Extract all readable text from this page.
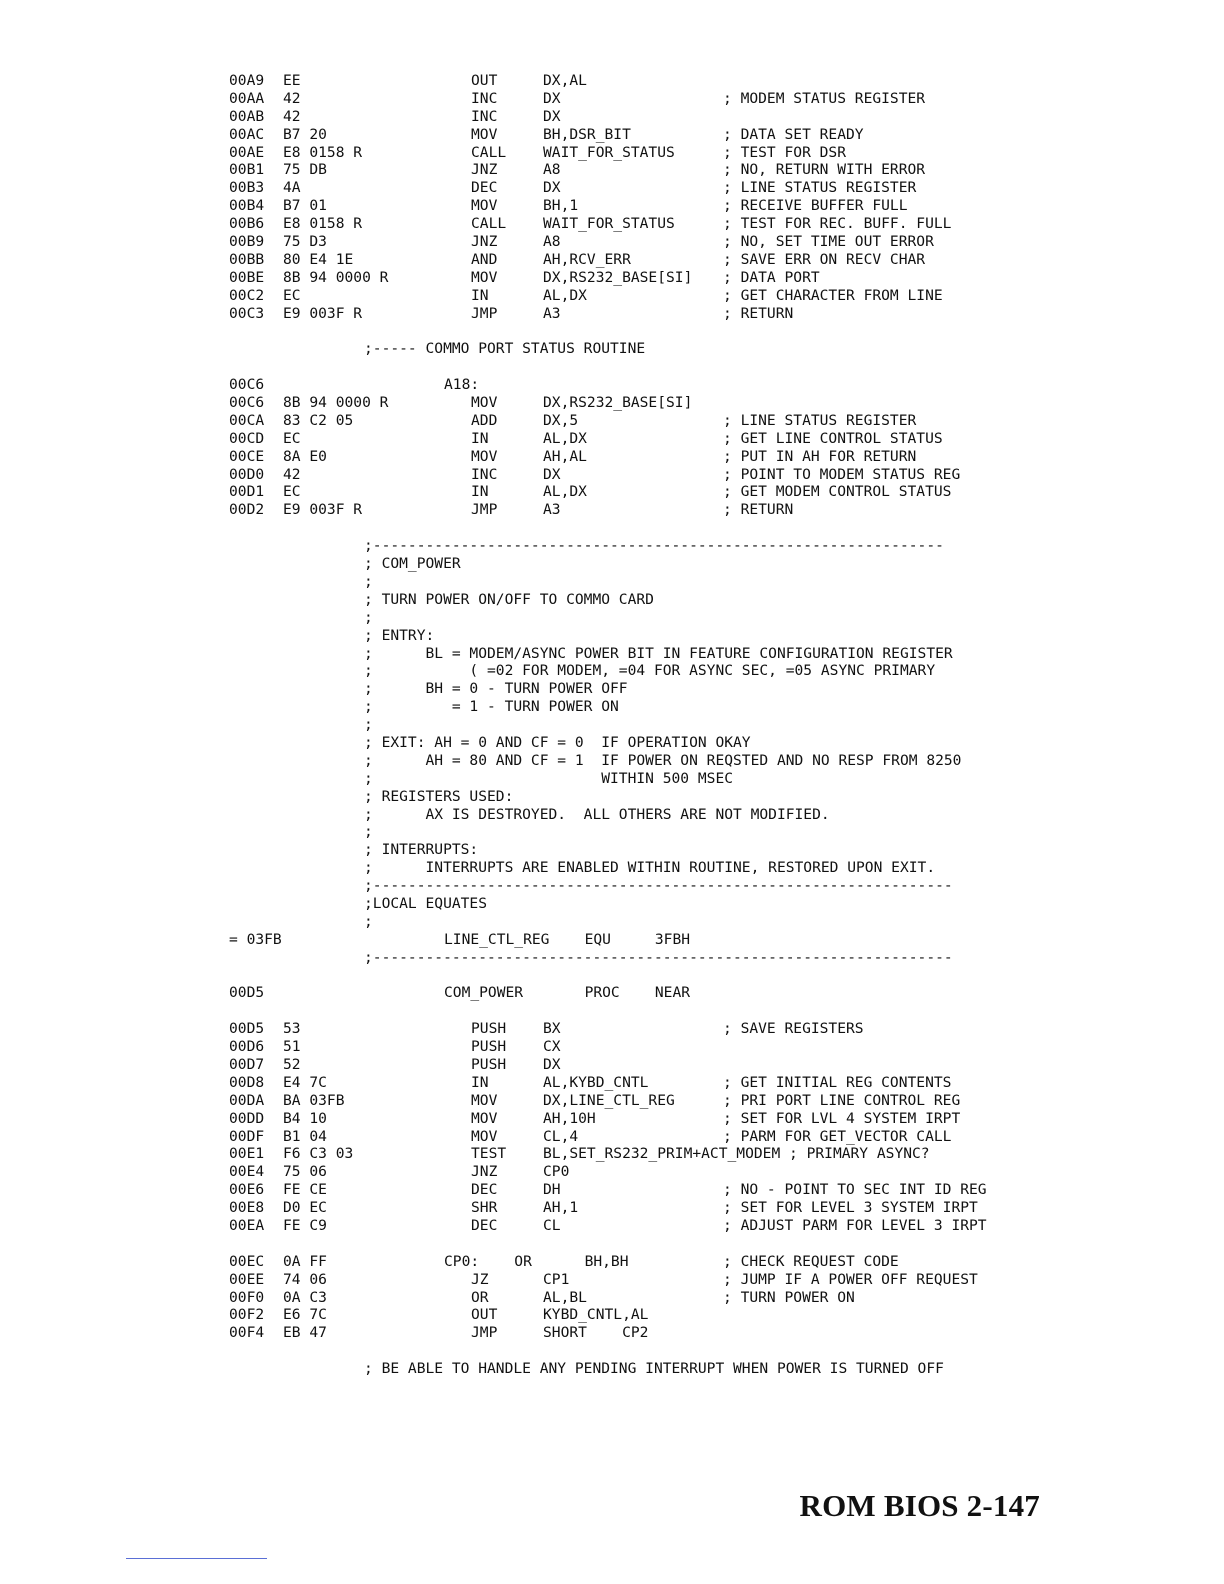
00A9 EE	OUT	DX,AL
00AA 42	INC	DX	; MODEM STATUS REGISTER
00AB 42	INC	DX
00AC B7 20	MOV	BH,DSR_BIT	; DATA SET READY
00AE E8 0158 R	CALL	WAIT_FOR_STATUS	; TEST FOR DSR
00B1 75 DB	JNZ	A8	; NO, RETURN WITH ERROR
00B3 4A	DEC	DX	; LINE STATUS REGISTER
00B4 B7 01	MOV	BH,1	; RECEIVE BUFFER FULL
00B6 E8 0158 R	CALL	WAIT_FOR_STATUS	; TEST FOR REC. BUFF. FULL
00B9 75 D3	JNZ	A8	; NO, SET TIME OUT ERROR
00BB 80 E4 1E	AND	AH,RCV_ERR	; SAVE ERR ON RECV CHAR
00BE 8B 94 0000 R	MOV	DX,RS232_BASE[SI] ; DATA PORT
00C2 EC	IN	AL,DX	; GET CHARACTER FROM LINE
00C3 E9 003F R	JMP	A3	; RETURN
;----- COMMO PORT STATUS ROUTINE
00C6	A18:
00C6 8B 94 0000 R	MOV	DX,RS232_BASE[SI]
00CA 83 C2 05	ADD	DX,5	; LINE STATUS REGISTER
00CD EC	IN	AL,DX	; GET LINE CONTROL STATUS
00CE 8A E0	MOV	AH,AL	; PUT IN AH FOR RETURN
00D0 42	INC	DX	; POINT TO MODEM STATUS REG
00D1 EC	IN	AL,DX	; GET MODEM CONTROL STATUS
00D2 E9 003F R	JMP	A3	; RETURN
;-----------------------------------------------------------------
; COM_POWER
;
; TURN POWER ON/OFF TO COMMO CARD
;
; ENTRY:
;      BL = MODEM/ASYNC POWER BIT IN FEATURE CONFIGURATION REGISTER
;           ( =02 FOR MODEM, =04 FOR ASYNC SEC, =05 ASYNC PRIMARY
;      BH = 0 - TURN POWER OFF
;         = 1 - TURN POWER ON
;
; EXIT: AH = 0 AND CF = 0  IF OPERATION OKAY
;      AH = 80 AND CF = 1  IF POWER ON REQSTED AND NO RESP FROM 8250
;                          WITHIN 500 MSEC
; REGISTERS USED:
;      AX IS DESTROYED.  ALL OTHERS ARE NOT MODIFIED.
;
; INTERRUPTS:
;      INTERRUPTS ARE ENABLED WITHIN ROUTINE, RESTORED UPON EXIT.
;------------------------------------------------------------------
;LOCAL EQUATES
;
= 03FB	LINE_CTL_REG    EQU     3FBH
;------------------------------------------------------------------
00D5	COM_POWER       PROC    NEAR
00D5 53	PUSH	BX	; SAVE REGISTERS
00D6 51	PUSH	CX
00D7 52	PUSH	DX
00D8 E4 7C	IN	AL,KYBD_CNTL	; GET INITIAL REG CONTENTS
00DA BA 03FB	MOV	DX,LINE_CTL_REG	; PRI PORT LINE CONTROL REG
00DD B4 10	MOV	AH,10H	; SET FOR LVL 4 SYSTEM IRPT
00DF B1 04	MOV	CL,4	; PARM FOR GET_VECTOR CALL
00E1 F6 C3 03	TEST	BL,SET_RS232_PRIM+ACT_MODEM ; PRIMARY ASYNC?
00E4 75 06	JNZ	CP0
00E6 FE CE	DEC	DH	; NO - POINT TO SEC INT ID REG
00E8 D0 EC	SHR	AH,1	; SET FOR LEVEL 3 SYSTEM IRPT
00EA FE C9	DEC	CL	; ADJUST PARM FOR LEVEL 3 IRPT
00EC 0A FF	CP0:    OR      BH,BH	; CHECK REQUEST CODE
00EE 74 06	JZ	CP1	; JUMP IF A POWER OFF REQUEST
00F0 0A C3	OR	AL,BL	; TURN POWER ON
00F2 E6 7C	OUT	KYBD_CNTL,AL
00F4 EB 47	JMP	SHORT    CP2
; BE ABLE TO HANDLE ANY PENDING INTERRUPT WHEN POWER IS TURNED OFF
ROM BIOS 2-147
